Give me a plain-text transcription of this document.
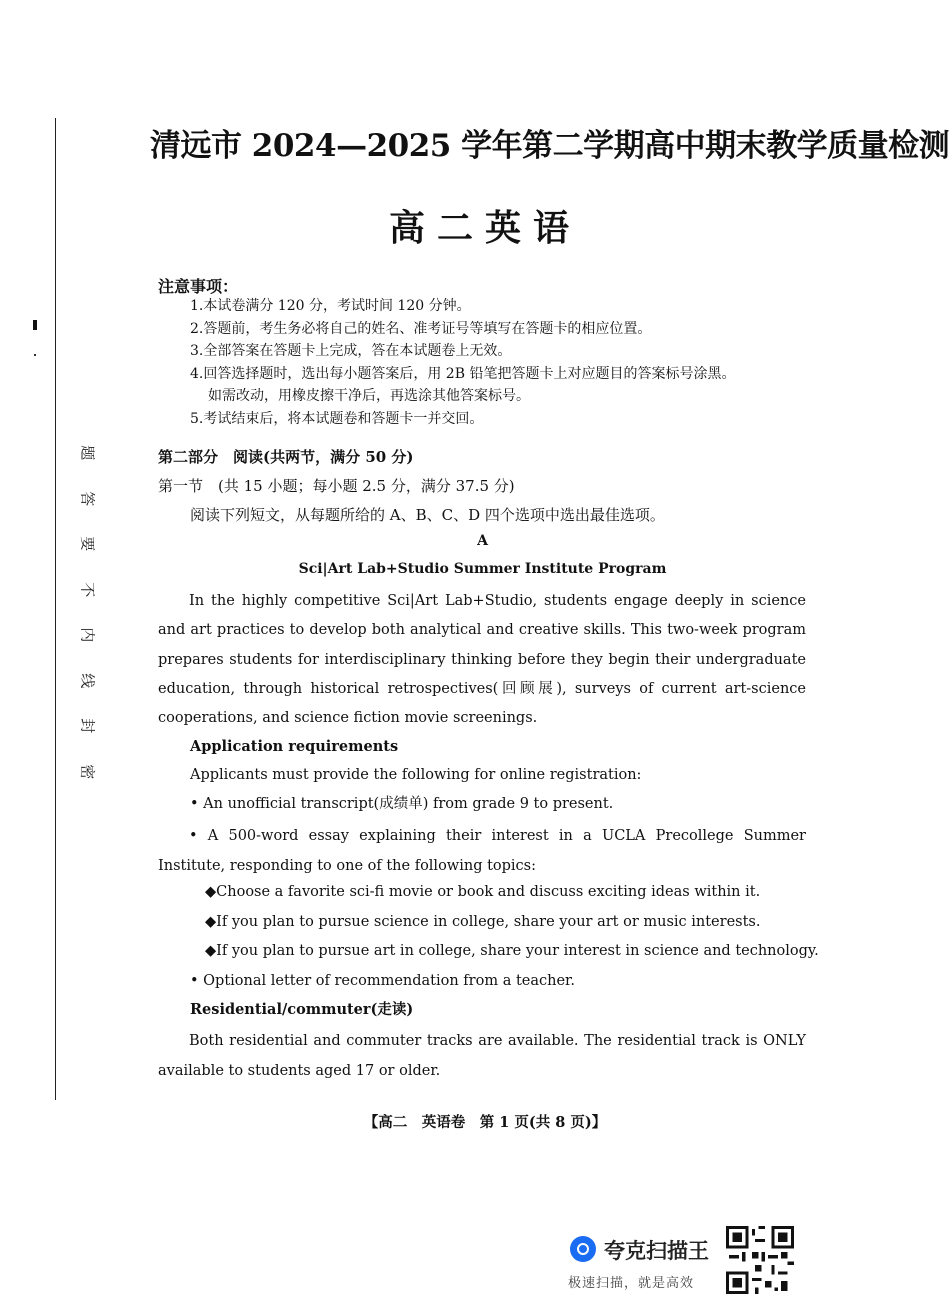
题
答
要
不
内
线
封
密
清远市 2024—2025 学年第二学期高中期末教学质量检测
高二英语
注意事项：
1.本试卷满分 120 分，考试时间 120 分钟。
2.答题前，考生务必将自己的姓名、准考证号等填写在答题卡的相应位置。
3.全部答案在答题卡上完成，答在本试题卷上无效。
4.回答选择题时，选出每小题答案后，用 2B 铅笔把答题卡上对应题目的答案标号涂黑。
如需改动，用橡皮擦干净后，再选涂其他答案标号。
5.考试结束后，将本试题卷和答题卡一并交回。
第二部分　阅读(共两节，满分 50 分)
第一节　(共 15 小题；每小题 2.5 分，满分 37.5 分)
阅读下列短文，从每题所给的 A、B、C、D 四个选项中选出最佳选项。
A
Sci|Art Lab+Studio Summer Institute Program
In the highly competitive Sci|Art Lab+Studio, students engage deeply in science and art practices to develop both analytical and creative skills. This two-week program prepares students for interdisciplinary thinking before they begin their undergraduate education, through historical retrospectives(回顾展), surveys of current art-science cooperations, and science fiction movie screenings.
Application requirements
Applicants must provide the following for online registration:
• An unofficial transcript(成绩单) from grade 9 to present.
• A 500-word essay explaining their interest in a UCLA Precollege Summer Institute, responding to one of the following topics:
◆Choose a favorite sci-fi movie or book and discuss exciting ideas within it.
◆If you plan to pursue science in college, share your art or music interests.
◆If you plan to pursue art in college, share your interest in science and technology.
• Optional letter of recommendation from a teacher.
Residential/commuter(走读)
Both residential and commuter tracks are available. The residential track is ONLY available to students aged 17 or older.
【高二　英语卷　第 1 页(共 8 页)】
夸克扫描王
极速扫描，就是高效
